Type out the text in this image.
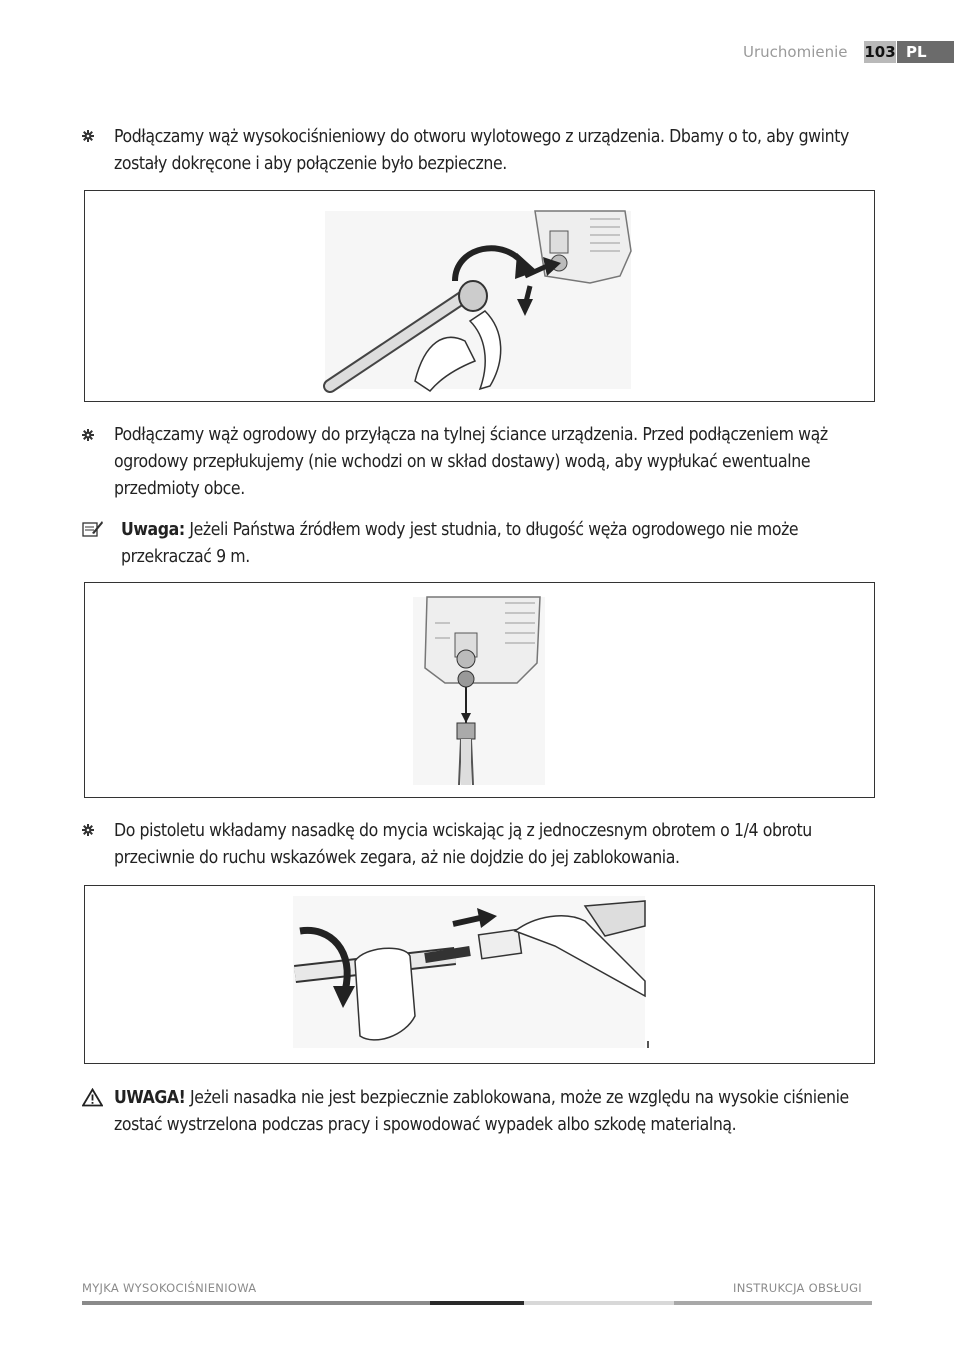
Uruchomienie 103 PL
Podłączamy wąż wysokociśnieniowy do otworu wylotowego z urządzenia. Dbamy o to, aby gwinty zostały dokręcone i aby połączenie było bezpieczne.
Podłączamy wąż ogrodowy do przyłącza na tylnej ściance urządzenia. Przed podłączeniem wąż ogrodowy przepłukujemy (nie wchodzi on w skład dostawy) wodą, aby wypłukać ewentualne przedmioty obce.
Uwaga: Jeżeli Państwa źródłem wody jest studnia, to długość węża ogrodowego nie może przekraczać 9 m.
Do pistoletu wkładamy nasadkę do mycia wciskając ją z jednoczesnym obrotem o 1/4 obrotu przeciwnie do ruchu wskazówek zegara, aż nie dojdzie do jej zablokowania.
UWAGA! Jeżeli nasadka nie jest bezpiecznie zablokowana, może ze względu na wysokie ciśnienie zostać wystrzelona podczas pracy i spowodować wypadek albo szkodę materialną.
MYJKA WYSOKOCIŚNIENIOWA	INSTRUKCJA OBSŁUGI
